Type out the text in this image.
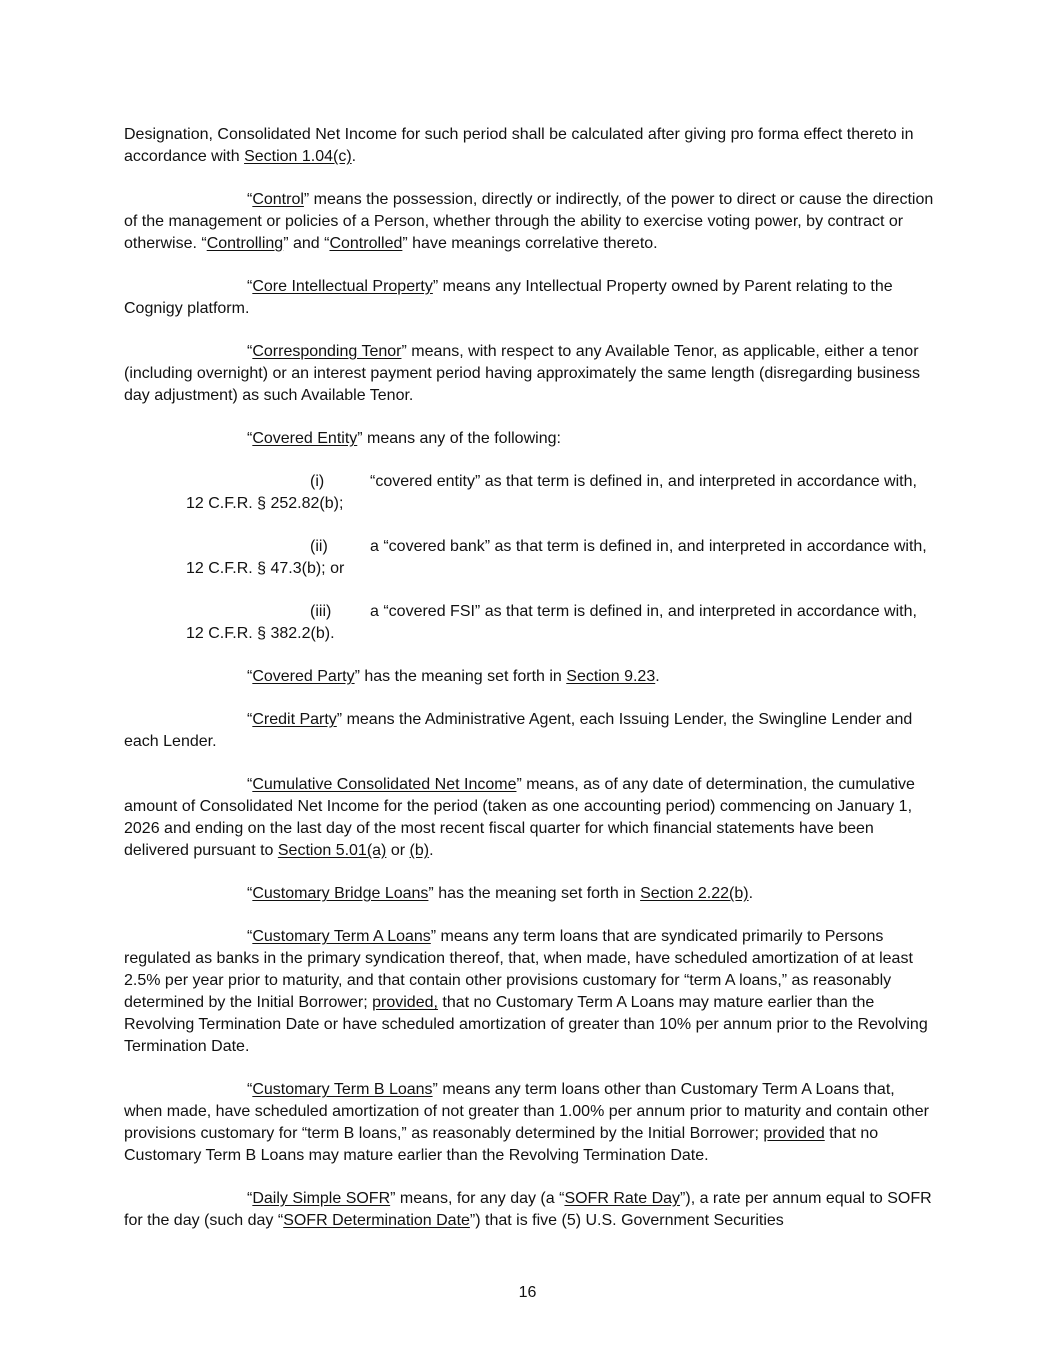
Designation, Consolidated Net Income for such period shall be calculated after giving pro forma effect thereto in accordance with Section 1.04(c).

“Control” means the possession, directly or indirectly, of the power to direct or cause the direction of the management or policies of a Person, whether through the ability to exercise voting power, by contract or otherwise. “Controlling” and “Controlled” have meanings correlative thereto.

“Core Intellectual Property” means any Intellectual Property owned by Parent relating to the Cognigy platform.

“Corresponding Tenor” means, with respect to any Available Tenor, as applicable, either a tenor (including overnight) or an interest payment period having approximately the same length (disregarding business day adjustment) as such Available Tenor.

“Covered Entity” means any of the following:

(i)	“covered entity” as that term is defined in, and interpreted in accordance with, 12 C.F.R. § 252.82(b);

(ii)	a “covered bank” as that term is defined in, and interpreted in accordance with, 12 C.F.R. § 47.3(b); or

(iii) a “covered FSI” as that term is defined in, and interpreted in accordance with, 12 C.F.R. § 382.2(b).

“Covered Party” has the meaning set forth in Section 9.23.

“Credit Party” means the Administrative Agent, each Issuing Lender, the Swingline Lender and each Lender.

“Cumulative Consolidated Net Income” means, as of any date of determination, the cumulative amount of Consolidated Net Income for the period (taken as one accounting period) commencing on January 1, 2026 and ending on the last day of the most recent fiscal quarter for which financial statements have been delivered pursuant to Section 5.01(a) or (b).

“Customary Bridge Loans” has the meaning set forth in Section 2.22(b).

“Customary Term A Loans” means any term loans that are syndicated primarily to Persons regulated as banks in the primary syndication thereof, that, when made, have scheduled amortization of at least 2.5% per year prior to maturity, and that contain other provisions customary for “term A loans,” as reasonably determined by the Initial Borrower; provided, that no Customary Term A Loans may mature earlier than the Revolving Termination Date or have scheduled amortization of greater than 10% per annum prior to the Revolving Termination Date.

“Customary Term B Loans” means any term loans other than Customary Term A Loans that, when made, have scheduled amortization of not greater than 1.00% per annum prior to maturity and contain other provisions customary for “term B loans,” as reasonably determined by the Initial Borrower; provided that no Customary Term B Loans may mature earlier than the Revolving Termination Date.

“Daily Simple SOFR” means, for any day (a “SOFR Rate Day”), a rate per annum equal to SOFR for the day (such day “SOFR Determination Date”) that is five (5) U.S. Government Securities

16
